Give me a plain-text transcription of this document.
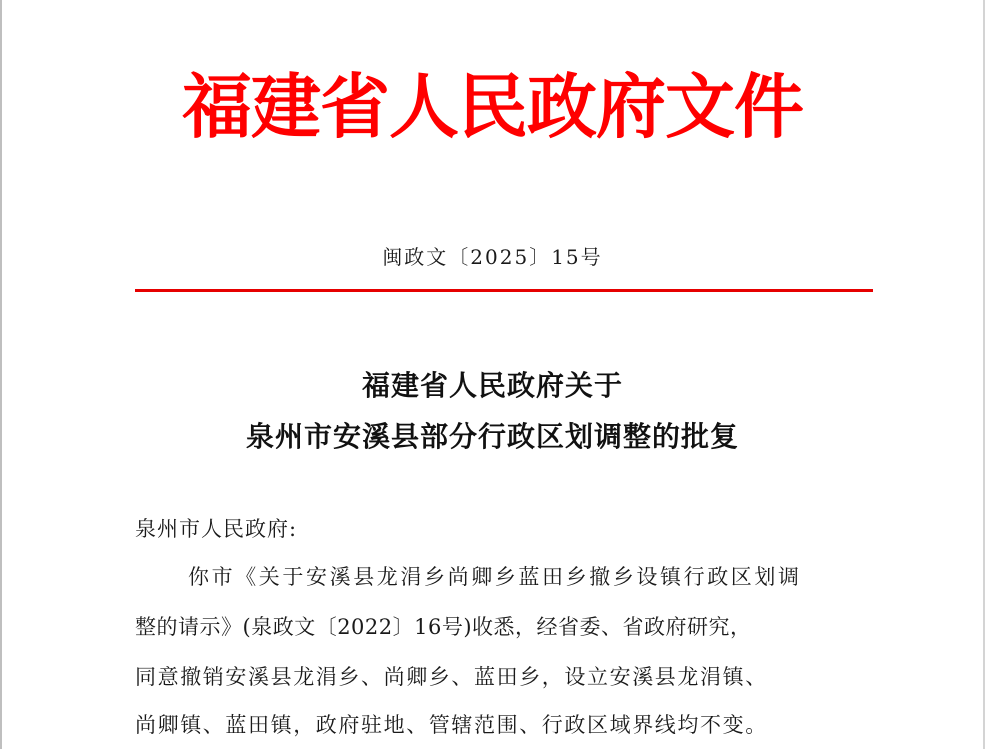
福建省人民政府文件
闽政文〔2025〕15号
福建省人民政府关于
泉州市安溪县部分行政区划调整的批复
泉州市人民政府:
你市《关于安溪县龙涓乡尚卿乡蓝田乡撤乡设镇行政区划调
整的请示》(泉政文〔2022〕16号)收悉，经省委、省政府研究，
同意撤销安溪县龙涓乡、尚卿乡、蓝田乡，设立安溪县龙涓镇、
尚卿镇、蓝田镇，政府驻地、管辖范围、行政区域界线均不变。
